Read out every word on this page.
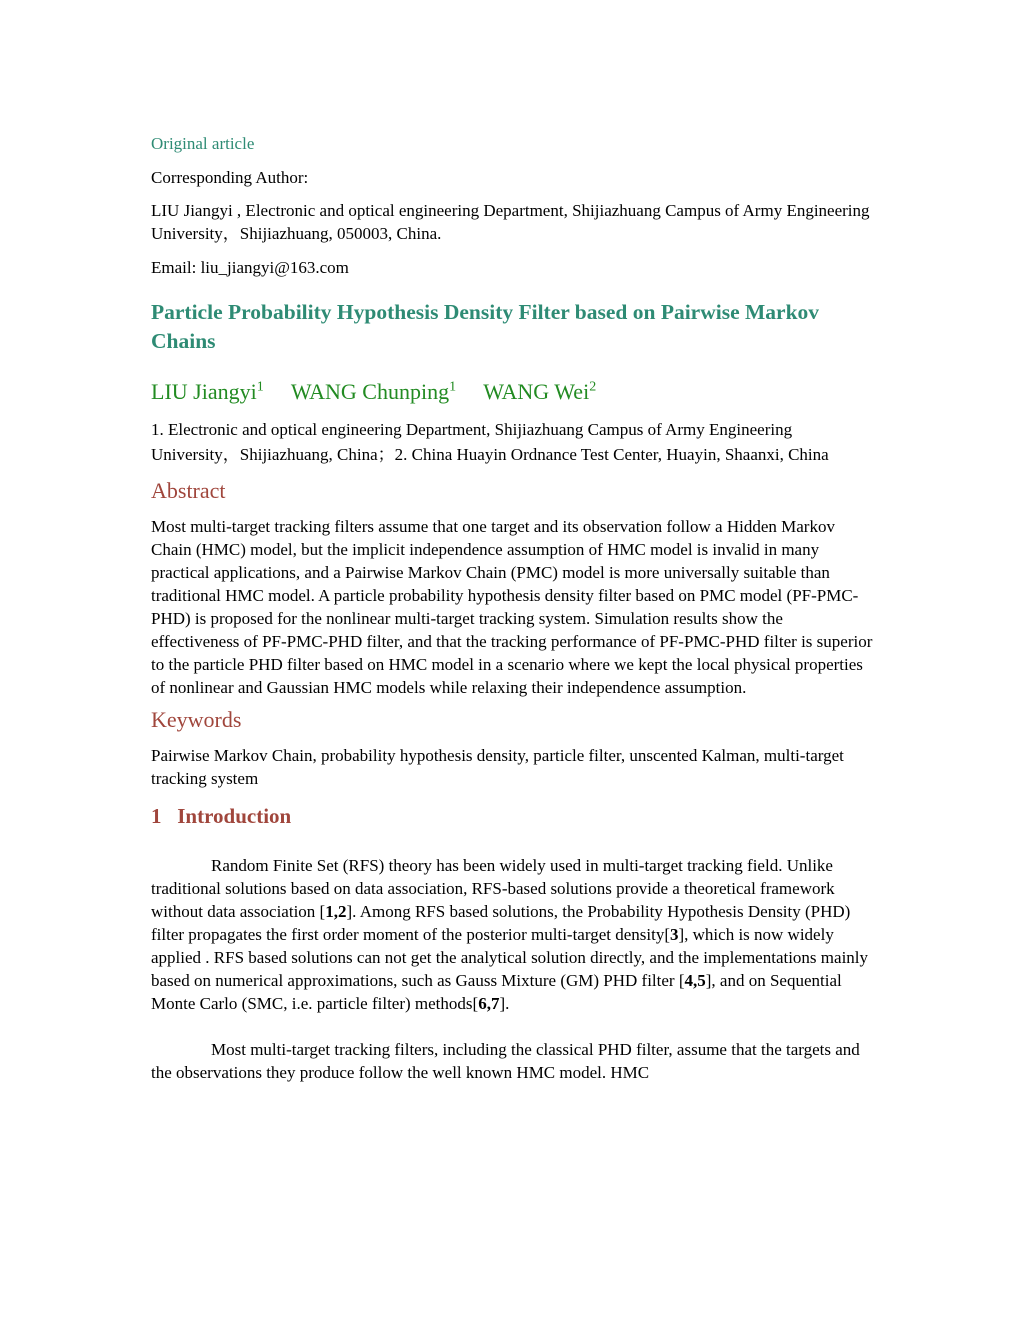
Original article
Corresponding Author:
LIU Jiangyi , Electronic and optical engineering Department, Shijiazhuang Campus of Army Engineering University，Shijiazhuang, 050003, China.
Email: liu_jiangyi@163.com
Particle Probability Hypothesis Density Filter based on Pairwise Markov Chains
LIU Jiangyi$^1$ WANG Chunping$^1$ WANG Wei$^2$
1. Electronic and optical engineering Department, Shijiazhuang Campus of Army Engineering University，Shijiazhuang, China；2. China Huayin Ordnance Test Center, Huayin, Shaanxi, China
Abstract
Most multi-target tracking filters assume that one target and its observation follow a Hidden Markov Chain (HMC) model, but the implicit independence assumption of HMC model is invalid in many practical applications, and a Pairwise Markov Chain (PMC) model is more universally suitable than traditional HMC model. A particle probability hypothesis density filter based on PMC model (PF-PMC-PHD) is proposed for the nonlinear multi-target tracking system. Simulation results show the effectiveness of PF-PMC-PHD filter, and that the tracking performance of PF-PMC-PHD filter is superior to the particle PHD filter based on HMC model in a scenario where we kept the local physical properties of nonlinear and Gaussian HMC models while relaxing their independence assumption.
Keywords
Pairwise Markov Chain, probability hypothesis density, particle filter, unscented Kalman, multi-target tracking system
1   Introduction

Random Finite Set (RFS) theory has been widely used in multi-target tracking field. Unlike traditional solutions based on data association, RFS-based solutions provide a theoretical framework without data association [1,2]. Among RFS based solutions, the Probability Hypothesis Density (PHD) filter propagates the first order moment of the posterior multi-target density[3], which is now widely applied . RFS based solutions can not get the analytical solution directly, and the implementations mainly based on numerical approximations, such as Gauss Mixture (GM) PHD filter [4,5], and on Sequential Monte Carlo (SMC, i.e. particle filter) methods[6,7].

Most multi-target tracking filters, including the classical PHD filter, assume that the targets and the observations they produce follow the well known HMC model. HMC
